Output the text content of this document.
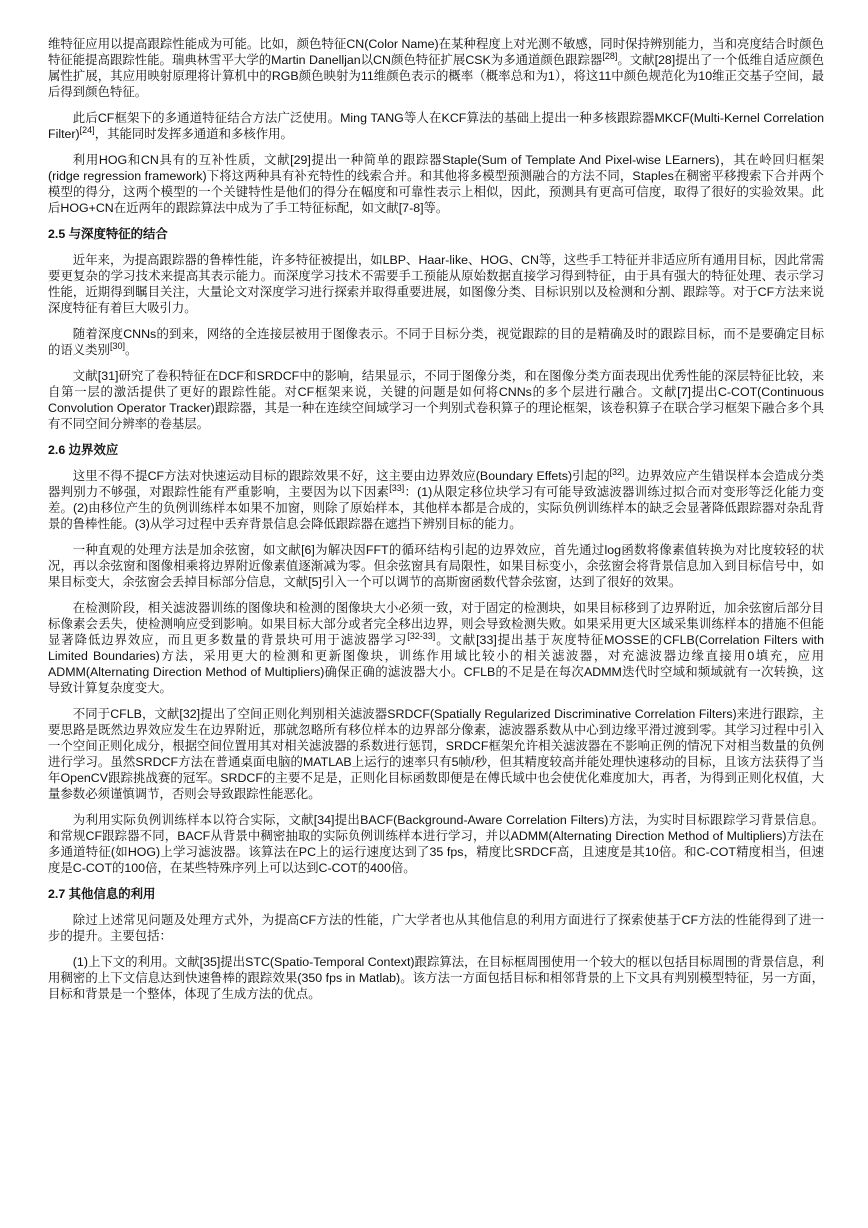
维特征应用以提高跟踪性能成为可能。比如，颜色特征CN(Color Name)在某种程度上对光测不敏感，同时保持辨别能力，当和亮度结合时颜色特征能提高跟踪性能。瑞典林雪平大学的Martin Danelljan以CN颜色特征扩展CSK为多通道颜色跟踪器[28]。文献[28]提出了一个低维自适应颜色属性扩展，其应用映射原理将计算机中的RGB颜色映射为11维颜色表示的概率（概率总和为1），将这11中颜色规范化为10维正交基子空间，最后得到颜色特征。

此后CF框架下的多通道特征结合方法广泛使用。Ming TANG等人在KCF算法的基础上提出一种多核跟踪器MKCF(Multi-Kernel Correlation Filter)[24]，其能同时发挥多通道和多核作用。

利用HOG和CN具有的互补性质，文献[29]提出一种简单的跟踪器Staple(Sum of Template And Pixel-wise LEarners)，其在岭回归框架(ridge regression framework)下将这两种具有补充特性的线索合并。和其他将多模型预测融合的方法不同，Staples在稠密平移搜索下合并两个模型的得分，这两个模型的一个关键特性是他们的得分在幅度和可靠性表示上相似，因此，预测具有更高可信度，取得了很好的实验效果。此后HOG+CN在近两年的跟踪算法中成为了手工特征标配，如文献[7-8]等。

2.5 与深度特征的结合

近年来，为提高跟踪器的鲁棒性能，许多特征被提出，如LBP、Haar-like、HOG、CN等，这些手工特征并非适应所有通用目标，因此常需要更复杂的学习技术来提高其表示能力。而深度学习技术不需要手工预能从原始数据直接学习得到特征，由于具有强大的特征处理、表示学习性能，近期得到瞩目关注，大量论文对深度学习进行探索并取得重要进展，如图像分类、目标识别以及检测和分割、跟踪等。对于CF方法来说深度特征有着巨大吸引力。

随着深度CNNs的到来，网络的全连接层被用于图像表示。不同于目标分类，视觉跟踪的目的是精确及时的跟踪目标，而不是要确定目标的语义类别[30]。

文献[31]研究了卷积特征在DCF和SRDCF中的影响，结果显示，不同于图像分类，和在图像分类方面表现出优秀性能的深层特征比较，来自第一层的激活提供了更好的跟踪性能。对CF框架来说，关键的问题是如何将CNNs的多个层进行融合。文献[7]提出C-COT(Continuous Convolution Operator Tracker)跟踪器，其是一种在连续空间域学习一个判别式卷积算子的理论框架，该卷积算子在联合学习框架下融合多个具有不同空间分辨率的卷基层。

2.6 边界效应

这里不得不提CF方法对快速运动目标的跟踪效果不好，这主要由边界效应(Boundary Effets)引起的[32]。边界效应产生错误样本会造成分类器判别力不够强，对跟踪性能有严重影响，主要因为以下因素[33]：(1)从限定移位块学习有可能导致滤波器训练过拟合而对变形等泛化能力变差。(2)由移位产生的负例训练样本如果不加窗，则除了原始样本，其他样本都是合成的，实际负例训练样本的缺乏会显著降低跟踪器对杂乱背景的鲁棒性能。(3)从学习过程中丢弃背景信息会降低跟踪器在遮挡下辨别目标的能力。

一种直观的处理方法是加余弦窗，如文献[6]为解决因FFT的循环结构引起的边界效应，首先通过log函数将像素值转换为对比度较轻的状况，再以余弦窗和图像相乘将边界附近像素值逐渐减为零。但余弦窗具有局限性，如果目标变小，余弦窗会将背景信息加入到目标信号中，如果目标变大，余弦窗会丢掉目标部分信息，文献[5]引入一个可以调节的高斯窗函数代替余弦窗，达到了很好的效果。

在检测阶段，相关滤波器训练的图像块和检测的图像块大小必须一致，对于固定的检测块，如果目标移到了边界附近，加余弦窗后部分目标像素会丢失，使检测响应受到影响。如果目标大部分或者完全移出边界，则会导致检测失败。如果采用更大区域采集训练样本的措施不但能显著降低边界效应，而且更多数量的背景块可用于滤波器学习[32-33]。文献[33]提出基于灰度特征MOSSE的CFLB(Correlation Filters with Limited Boundaries)方法，采用更大的检测和更新图像块，训练作用域比较小的相关滤波器，对充滤波器边缘直接用0填充，应用ADMM(Alternating Direction Method of Multipliers)确保正确的滤波器大小。CFLB的不足是在每次ADMM迭代时空域和频域就有一次转换，这导致计算复杂度变大。

不同于CFLB，文献[32]提出了空间正则化判别相关滤波器SRDCF(Spatially Regularized Discriminative Correlation Filters)来进行跟踪，主要思路是既然边界效应发生在边界附近，那就忽略所有移位样本的边界部分像素，滤波器系数从中心到边缘平滑过渡到零。其学习过程中引入一个空间正则化成分，根据空间位置用其对相关滤波器的系数进行惩罚，SRDCF框架允许相关滤波器在不影响正例的情况下对相当数量的负例进行学习。虽然SRDCF方法在普通桌面电脑的MATLAB上运行的速率只有5帧/秒，但其精度较高并能处理快速移动的目标，且该方法获得了当年OpenCV跟踪挑战赛的冠军。SRDCF的主要不足是，正则化目标函数即便是在傅氏域中也会使优化难度加大，再者，为得到正则化权值，大量参数必须谨慎调节，否则会导致跟踪性能恶化。

为利用实际负例训练样本以符合实际，文献[34]提出BACF(Background-Aware Correlation Filters)方法，为实时目标跟踪学习背景信息。和常规CF跟踪器不同，BACF从背景中稠密抽取的实际负例训练样本进行学习，并以ADMM(Alternating Direction Method of Multipliers)方法在多通道特征(如HOG)上学习滤波器。该算法在PC上的运行速度达到了35 fps，精度比SRDCF高，且速度是其10倍。和C-COT精度相当，但速度是C-COT的100倍，在某些特殊序列上可以达到C-COT的400倍。

2.7 其他信息的利用

除过上述常见问题及处理方式外，为提高CF方法的性能，广大学者也从其他信息的利用方面进行了探索使基于CF方法的性能得到了进一步的提升。主要包括：

(1)上下文的利用。文献[35]提出STC(Spatio-Temporal Context)跟踪算法，在目标框周围使用一个较大的框以包括目标周围的背景信息，利用稠密的上下文信息达到快速鲁棒的跟踪效果(350 fps in Matlab)。该方法一方面包括目标和相邻背景的上下文具有判别模型特征，另一方面，目标和背景是一个整体，体现了生成方法的优点。
